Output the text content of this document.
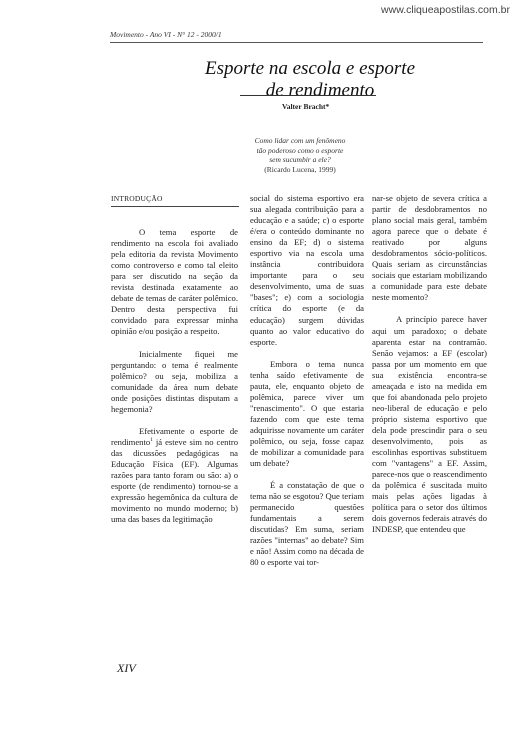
www.cliqueapostilas.com.br
Movimento - Ano VI - N° 12 - 2000/1
Esporte na escola e esporte
de rendimento
Valter Bracht*
Como lidar com um fenômeno
tão poderoso como o esporte
sem sucumbir a ele?
(Ricardo Lucena, 1999)
INTRODUÇÃO

O tema esporte de rendimento na escola foi avaliado pela editoria da revista Movimento como controverso e como tal eleito para ser discutido na seção da revista destinada exatamente ao debate de temas de caráter polêmico. Dentro desta perspectiva fui convidado para expressar minha opinião e/ou posição a respeito.

Inicialmente fiquei me perguntando: o tema é realmente polêmico? ou seja, mobiliza a comunidade da área num debate onde posições distintas disputam a hegemonia?

Efetivamente o esporte de rendimento$^1$ já esteve sim no centro das dicussões pedagógicas na Educação Física (EF). Algumas razões para tanto foram ou são: a) o esporte (de rendimento) tornou-se a expressão hegemônica da cultura de movimento no mundo moderno; b) uma das bases da legitimação

social do sistema esportivo era sua alegada contribuição para a educação e a saúde; c) o esporte é/era o conteúdo dominante no ensino da EF; d) o sistema esportivo via na escola uma instância contribuidora importante para o seu desenvolvimento, uma de suas "bases"; e) com a sociologia crítica do esporte (e da educação) surgem dúvidas quanto ao valor educativo do esporte.

Embora o tema nunca tenha saído efetivamente de pauta, ele, enquanto objeto de polêmica, parece viver um "renascimento". O que estaria fazendo com que este tema adquirisse novamente um caráter polêmico, ou seja, fosse capaz de mobilizar a comunidade para um debate?

É a constatação de que o tema não se esgotou? Que teriam permanecido questões fundamentais a serem discutidas? Em suma, seriam razões "internas" ao debate? Sim e não! Assim como na década de 80 o esporte vai tor-

nar-se objeto de severa crítica a partir de desdobramentos no plano social mais geral, também agora parece que o debate é reativado por alguns desdobramentos sócio-políticos. Quais seriam as circunstâncias sociais que estariam mobilizando a comunidade para este debate neste momento?

A princípio parece haver aqui um paradoxo; o debate aparenta estar na contramão. Senão vejamos: a EF (escolar) passa por um momento em que sua existência encontra-se ameaçada e isto na medida em que foi abandonada pelo projeto neo-liberal de educação e pelo próprio sistema esportivo que dela pode prescindir para o seu desenvolvimento, pois as escolinhas esportivas substituem com "vantagens" a EF. Assim, parece-nos que o reascendimento da polêmica é suscitada muito mais pelas ações ligadas à política para o setor dos últimos dois governos federais através do INDESP, que entendeu que

XIV
